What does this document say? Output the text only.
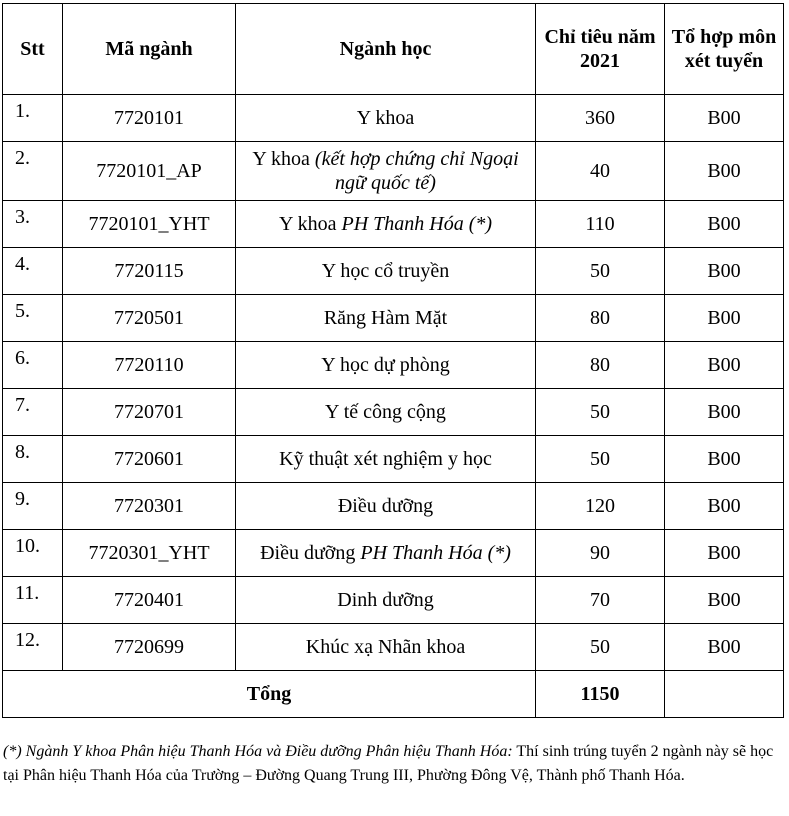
Stt	Mã ngành	Ngành học	Chỉ tiêu năm 2021	Tổ hợp môn xét tuyển
1.	7720101	Y khoa	360	B00
2.	7720101_AP	Y khoa (kết hợp chứng chỉ Ngoại ngữ quốc tế)	40	B00
3.	7720101_YHT	Y khoa PH Thanh Hóa (*)	110	B00
4.	7720115	Y học cổ truyền	50	B00
5.	7720501	Răng Hàm Mặt	80	B00
6.	7720110	Y học dự phòng	80	B00
7.	7720701	Y tế công cộng	50	B00
8.	7720601	Kỹ thuật xét nghiệm y học	50	B00
9.	7720301	Điều dưỡng	120	B00
10.	7720301_YHT	Điều dưỡng PH Thanh Hóa (*)	90	B00
11.	7720401	Dinh dưỡng	70	B00
12.	7720699	Khúc xạ Nhãn khoa	50	B00
Tổng			1150	

(*) Ngành Y khoa Phân hiệu Thanh Hóa và Điều dưỡng Phân hiệu Thanh Hóa: Thí sinh trúng tuyển 2 ngành này sẽ học tại Phân hiệu Thanh Hóa của Trường – Đường Quang Trung III, Phường Đông Vệ, Thành phố Thanh Hóa.
